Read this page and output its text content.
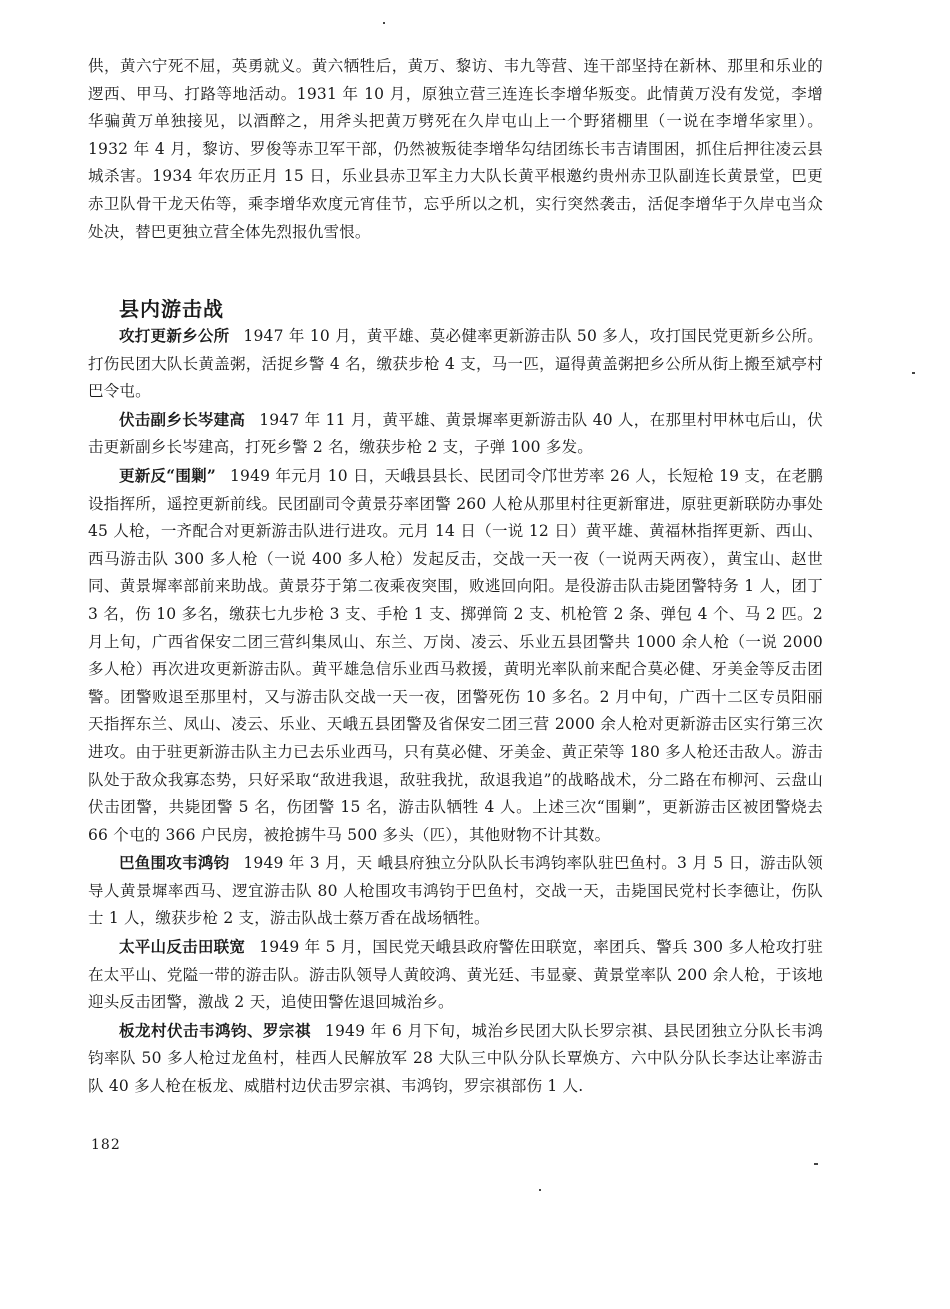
供，黄六宁死不屈，英勇就义。黄六牺牲后，黄万、黎访、韦九等营、连干部坚持在新林、那里和乐业的逻西、甲马、打路等地活动。1931 年 10 月，原独立营三连连长李增华叛变。此情黄万没有发觉，李增华骗黄万单独接见，以酒醉之，用斧头把黄万劈死在久岸屯山上一个野猪棚里（一说在李增华家里）。1932 年 4 月，黎访、罗俊等赤卫军干部，仍然被叛徒李增华勾结团练长韦吉请围困，抓住后押往凌云县城杀害。1934 年农历正月 15 日，乐业县赤卫军主力大队长黄平根邀约贵州赤卫队副连长黄景堂，巴更赤卫队骨干龙天佑等，乘李增华欢度元宵佳节，忘乎所以之机，实行突然袭击，活促李增华于久岸屯当众处决，替巴更独立营全体先烈报仇雪恨。

县内游击战

攻打更新乡公所 1947 年 10 月，黄平雄、莫必健率更新游击队 50 多人，攻打国民党更新乡公所。打伤民团大队长黄盖粥，活捉乡警 4 名，缴获步枪 4 支，马一匹，逼得黄盖粥把乡公所从街上搬至斌亭村巴令屯。

伏击副乡长岑建高 1947 年 11 月，黄平雄、黄景墀率更新游击队 40 人，在那里村甲林屯后山，伏击更新副乡长岑建高，打死乡警 2 名，缴获步枪 2 支，子弹 100 多发。

更新反“围剿” 1949 年元月 10 日，天峨县县长、民团司令邝世芳率 26 人，长短枪 19 支，在老鹏设指挥所，遥控更新前线。民团副司令黄景芬率团警 260 人枪从那里村往更新窜进，原驻更新联防办事处 45 人枪，一齐配合对更新游击队进行进攻。元月 14 日（一说 12 日）黄平雄、黄福林指挥更新、西山、西马游击队 300 多人枪（一说 400 多人枪）发起反击，交战一天一夜（一说两天两夜），黄宝山、赵世同、黄景墀率部前来助战。黄景芬于第二夜乘夜突围，败逃回向阳。是役游击队击毙团警特务 1 人，团丁 3 名，伤 10 多名，缴获七九步枪 3 支、手枪 1 支、掷弹筒 2 支、机枪管 2 条、弹包 4 个、马 2 匹。2 月上旬，广西省保安二团三营纠集凤山、东兰、万岗、凌云、乐业五县团警共 1000 余人枪（一说 2000 多人枪）再次进攻更新游击队。黄平雄急信乐业西马救援，黄明光率队前来配合莫必健、牙美金等反击团警。团警败退至那里村，又与游击队交战一天一夜，团警死伤 10 多名。2 月中旬，广西十二区专员阳丽天指挥东兰、凤山、凌云、乐业、天峨五县团警及省保安二团三营 2000 余人枪对更新游击区实行第三次进攻。由于驻更新游击队主力已去乐业西马，只有莫必健、牙美金、黄正荣等 180 多人枪还击敌人。游击队处于敌众我寡态势，只好采取“敌进我退，敌驻我扰，敌退我追”的战略战术，分二路在布柳河、云盘山伏击团警，共毙团警 5 名，伤团警 15 名，游击队牺牲 4 人。上述三次“围剿”，更新游击区被团警烧去 66 个屯的 366 户民房，被抢掳牛马 500 多头（匹），其他财物不计其数。

巴鱼围攻韦鸿钧 1949 年 3 月，天 峨县府独立分队队长韦鸿钧率队驻巴鱼村。3 月 5 日，游击队领导人黄景墀率西马、逻宜游击队 80 人枪围攻韦鸿钧于巴鱼村，交战一天，击毙国民党村长李德让，伤队士 1 人，缴获步枪 2 支，游击队战士蔡万香在战场牺牲。

太平山反击田联宽 1949 年 5 月，国民党天峨县政府警佐田联宽，率团兵、警兵 300 多人枪攻打驻在太平山、党隘一带的游击队。游击队领导人黄皎鸿、黄光廷、韦显豪、黄景堂率队 200 余人枪，于该地迎头反击团警，激战 2 天，追使田警佐退回城治乡。

板龙村伏击韦鸿钧、罗宗祺 1949 年 6 月下旬，城治乡民团大队长罗宗祺、县民团独立分队长韦鸿钧率队 50 多人枪过龙鱼村，桂西人民解放军 28 大队三中队分队长覃焕方、六中队分队长李达让率游击队 40 多人枪在板龙、威腊村边伏击罗宗祺、韦鸿钧，罗宗祺部伤 1 人.

182
